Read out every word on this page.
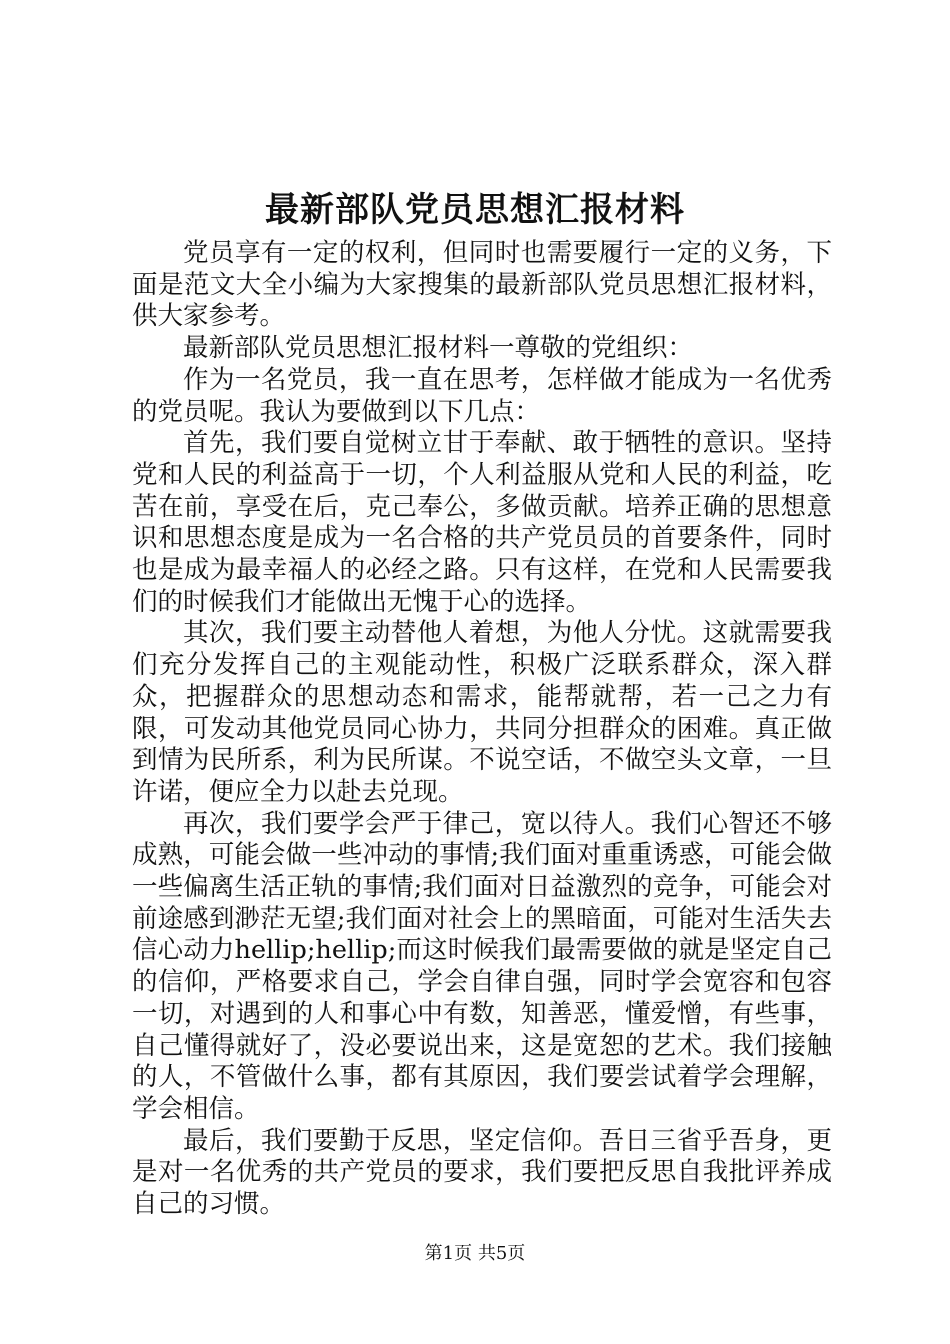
最新部队党员思想汇报材料

党员享有一定的权利，但同时也需要履行一定的义务，下面是范文大全小编为大家搜集的最新部队党员思想汇报材料，供大家参考。

最新部队党员思想汇报材料一尊敬的党组织：

作为一名党员，我一直在思考，怎样做才能成为一名优秀的党员呢。我认为要做到以下几点：

首先，我们要自觉树立甘于奉献、敢于牺牲的意识。坚持党和人民的利益高于一切，个人利益服从党和人民的利益，吃苦在前，享受在后，克己奉公，多做贡献。培养正确的思想意识和思想态度是成为一名合格的共产党员员的首要条件，同时也是成为最幸福人的必经之路。只有这样，在党和人民需要我们的时候我们才能做出无愧于心的选择。

其次，我们要主动替他人着想，为他人分忧。这就需要我们充分发挥自己的主观能动性，积极广泛联系群众，深入群众，把握群众的思想动态和需求，能帮就帮，若一己之力有限，可发动其他党员同心协力，共同分担群众的困难。真正做到情为民所系，利为民所谋。不说空话，不做空头文章，一旦许诺，便应全力以赴去兑现。

再次，我们要学会严于律己，宽以待人。我们心智还不够成熟，可能会做一些冲动的事情;我们面对重重诱惑，可能会做一些偏离生活正轨的事情;我们面对日益激烈的竞争，可能会对前途感到渺茫无望;我们面对社会上的黑暗面，可能对生活失去信心动力hellip;hellip;而这时候我们最需要做的就是坚定自己的信仰，严格要求自己，学会自律自强，同时学会宽容和包容一切，对遇到的人和事心中有数，知善恶，懂爱憎，有些事，自己懂得就好了，没必要说出来，这是宽恕的艺术。我们接触的人，不管做什么事，都有其原因，我们要尝试着学会理解，学会相信。

最后，我们要勤于反思，坚定信仰。吾日三省乎吾身，更是对一名优秀的共产党员的要求，我们要把反思自我批评养成自己的习惯。

第1页 共5页
